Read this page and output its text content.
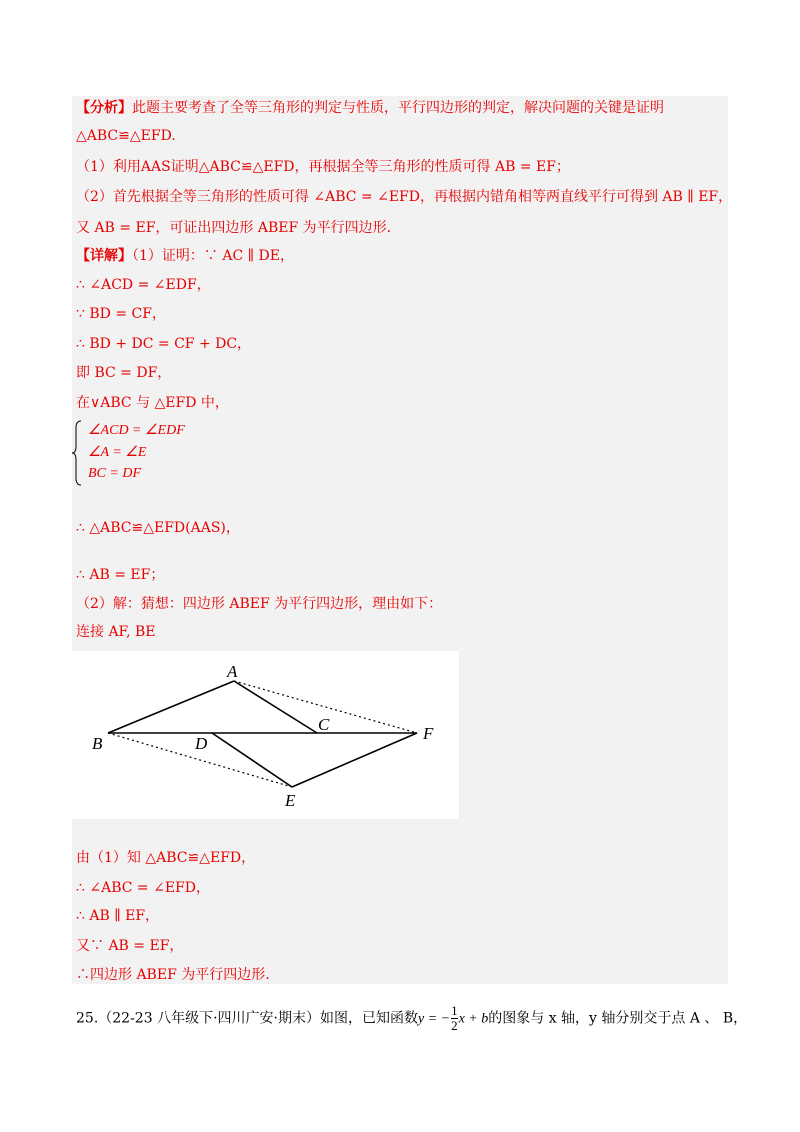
【分析】此题主要考查了全等三角形的判定与性质，平行四边形的判定，解决问题的关键是证明
△ABC≌△EFD.
（1）利用AAS证明△ABC≌△EFD，再根据全等三角形的性质可得 AB = EF；
（2）首先根据全等三角形的性质可得 ∠ABC = ∠EFD，再根据内错角相等两直线平行可得到 AB ∥ EF，
又 AB = EF，可证出四边形 ABEF 为平行四边形.
【详解】（1）证明：∵ AC ∥ DE，
∴ ∠ACD = ∠EDF，
∵ BD = CF，
∴ BD + DC = CF + DC，
即 BC = DF，
在∨ABC 与 △EFD 中，
∠ACD = ∠EDF
∠A = ∠E
BC = DF
∴ △ABC≌△EFD(AAS)，
∴ AB = EF；
（2）解：猜想：四边形 ABEF 为平行四边形，理由如下：
连接 AF, BE
A
B
C
D
E
F
由（1）知 △ABC≌△EFD，
∴ ∠ABC = ∠EFD，
∴ AB ∥ EF，
又∵ AB = EF，
∴四边形 ABEF 为平行四边形.
25.（22-23 八年级下·四川广安·期末）如图，已知函数y = − $\frac{1}{2}$ x + b的图象与 x 轴，y 轴分别交于点 A 、 B，
